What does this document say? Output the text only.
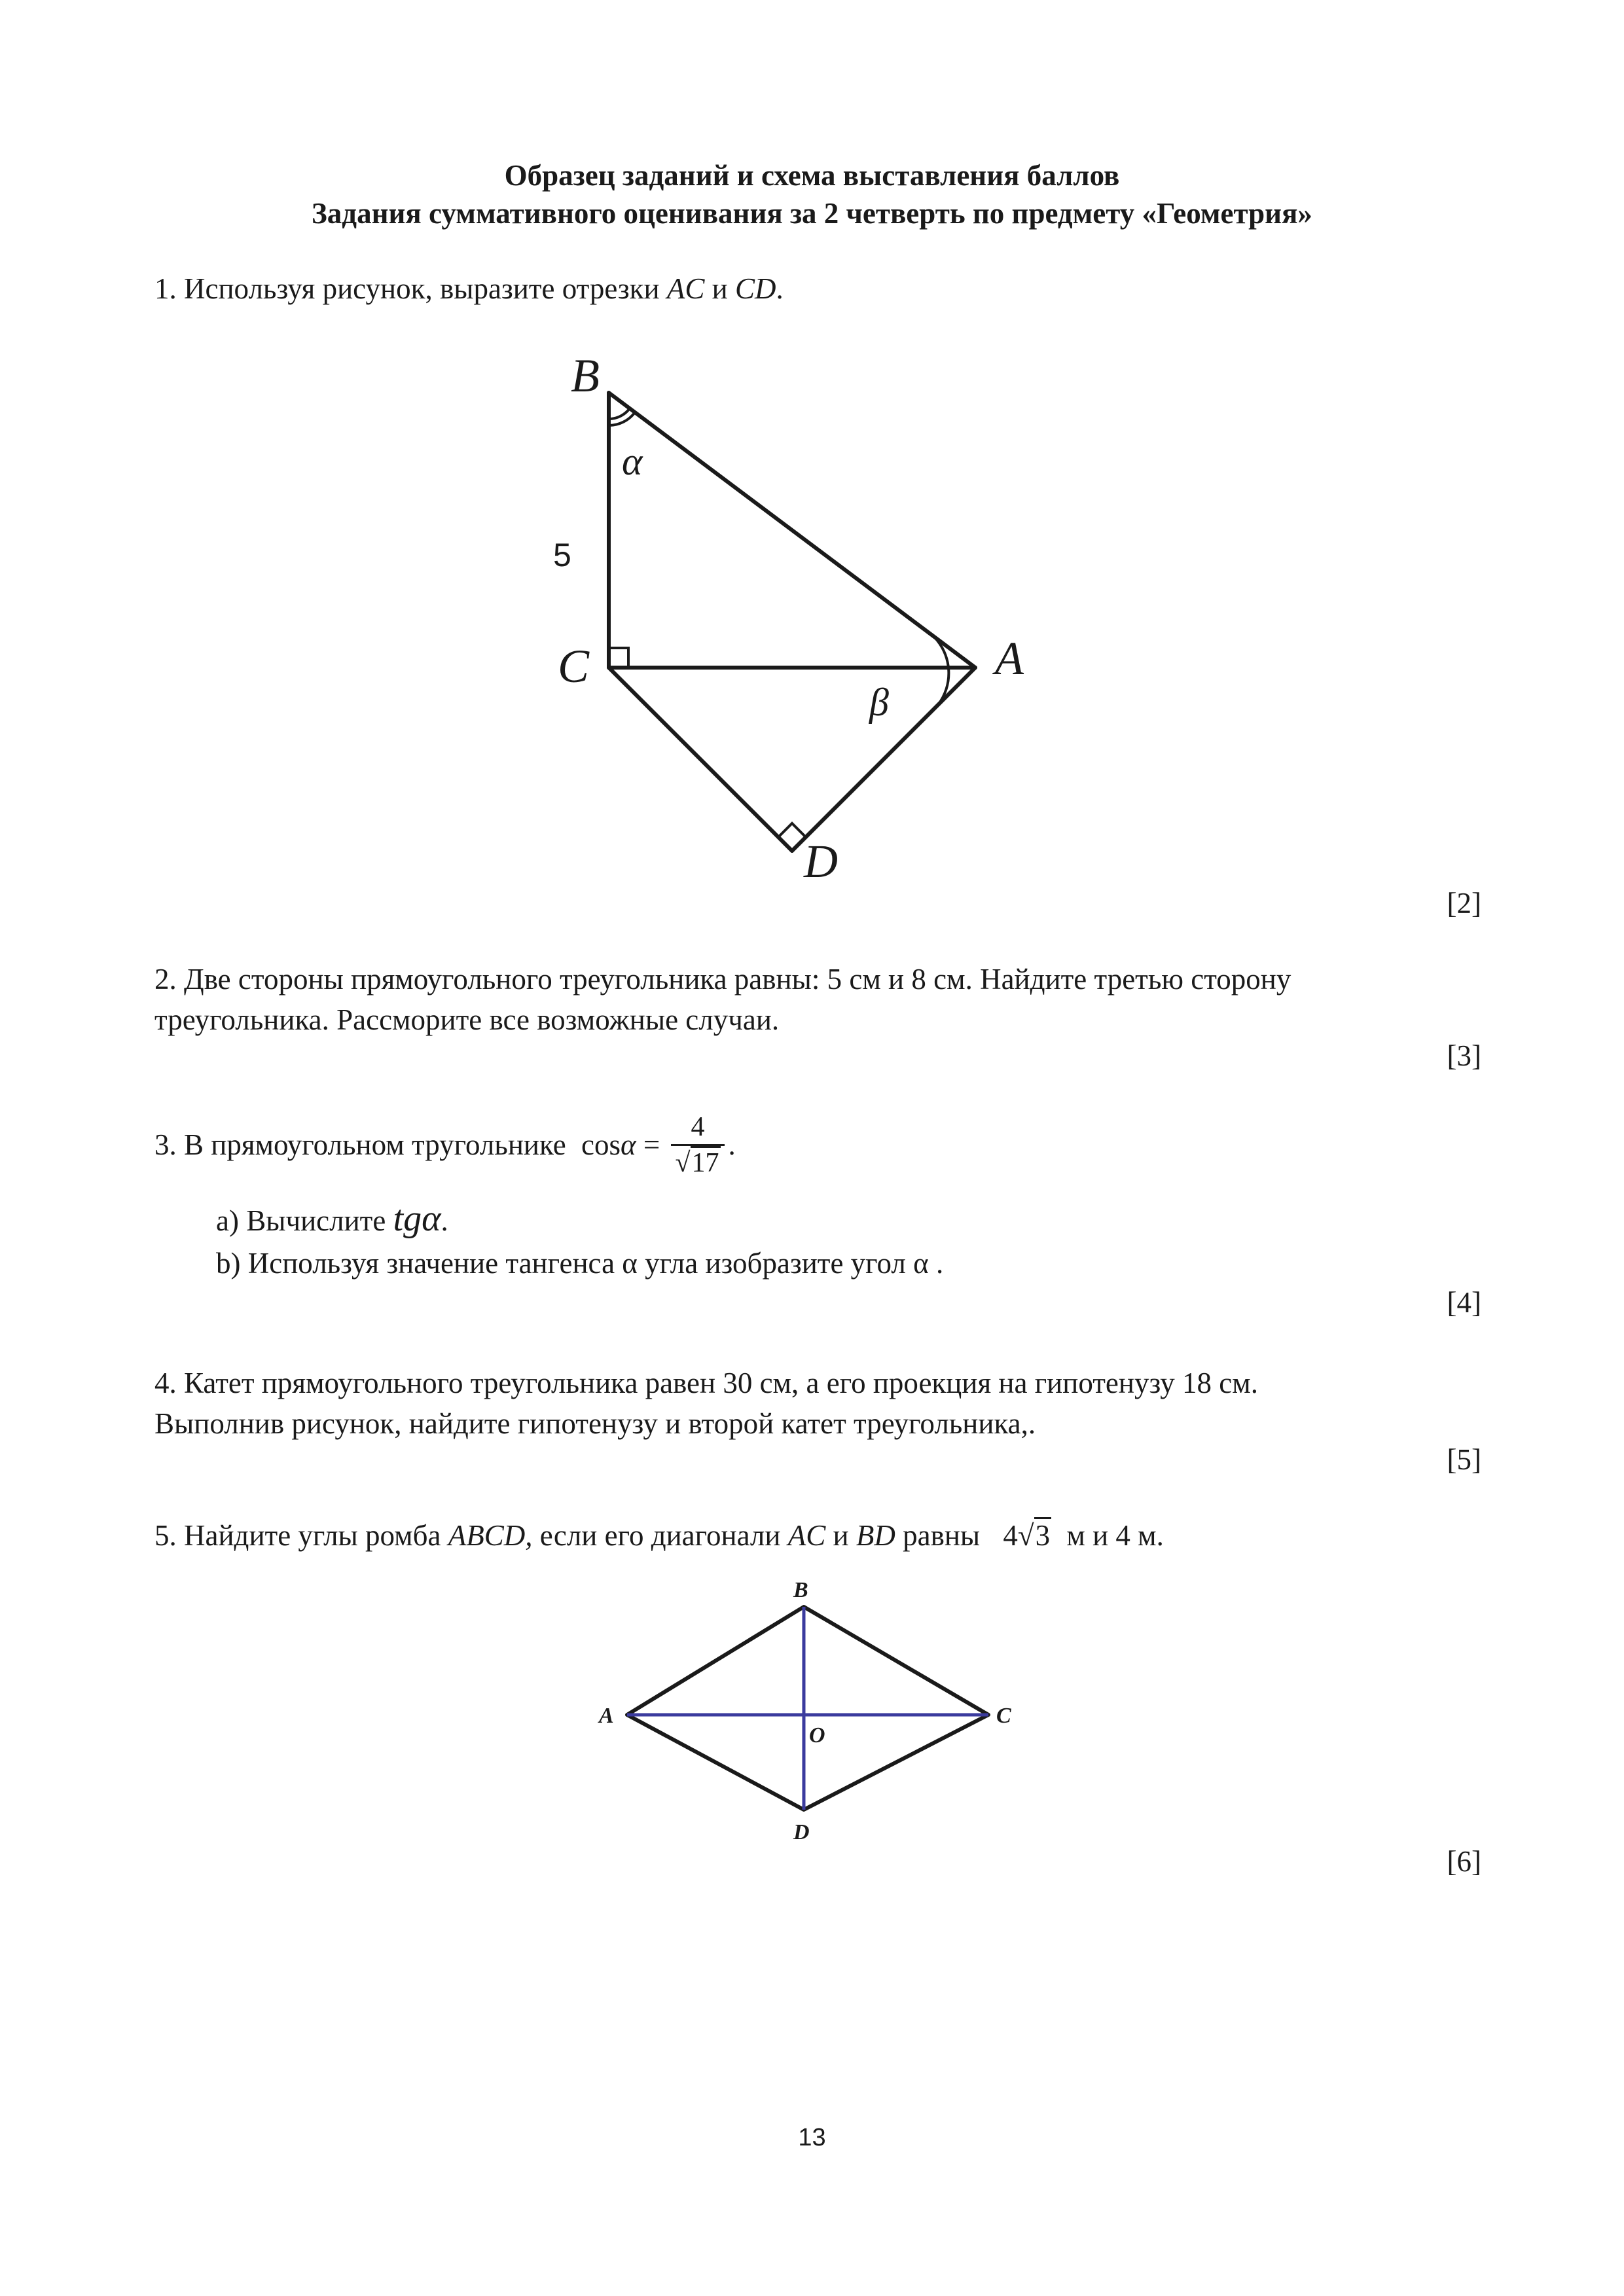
Образец заданий и схема выставления баллов
Задания суммативного оценивания за 2 четверть по предмету «Геометрия»
1. Используя рисунок, выразите отрезки AC и CD.
B
C	A
D
α
β
5
[2]
2. Две стороны прямоугольного треугольника равны: 5 см и 8 см. Найдите третью сторону
треугольника. Рассморите все возможные случаи.
[3]
3. В прямоугольном тругольнике $\cos\alpha = \frac{4}{√17}$ .
a) Вычислите tgα.
b) Используя значение тангенса α угла изобразите угол α .
[4]
4. Катет прямоугольного треугольника равен 30 см, а его проекция на гипотенузу 18 см.
Выполнив рисунок, найдите гипотенузу и второй катет треугольника,.
[5]
5. Найдите углы ромба ABCD, если его диагонали AC и BD равны 4√3 м и 4 м.
B
A	C
D
O
[6]
13
